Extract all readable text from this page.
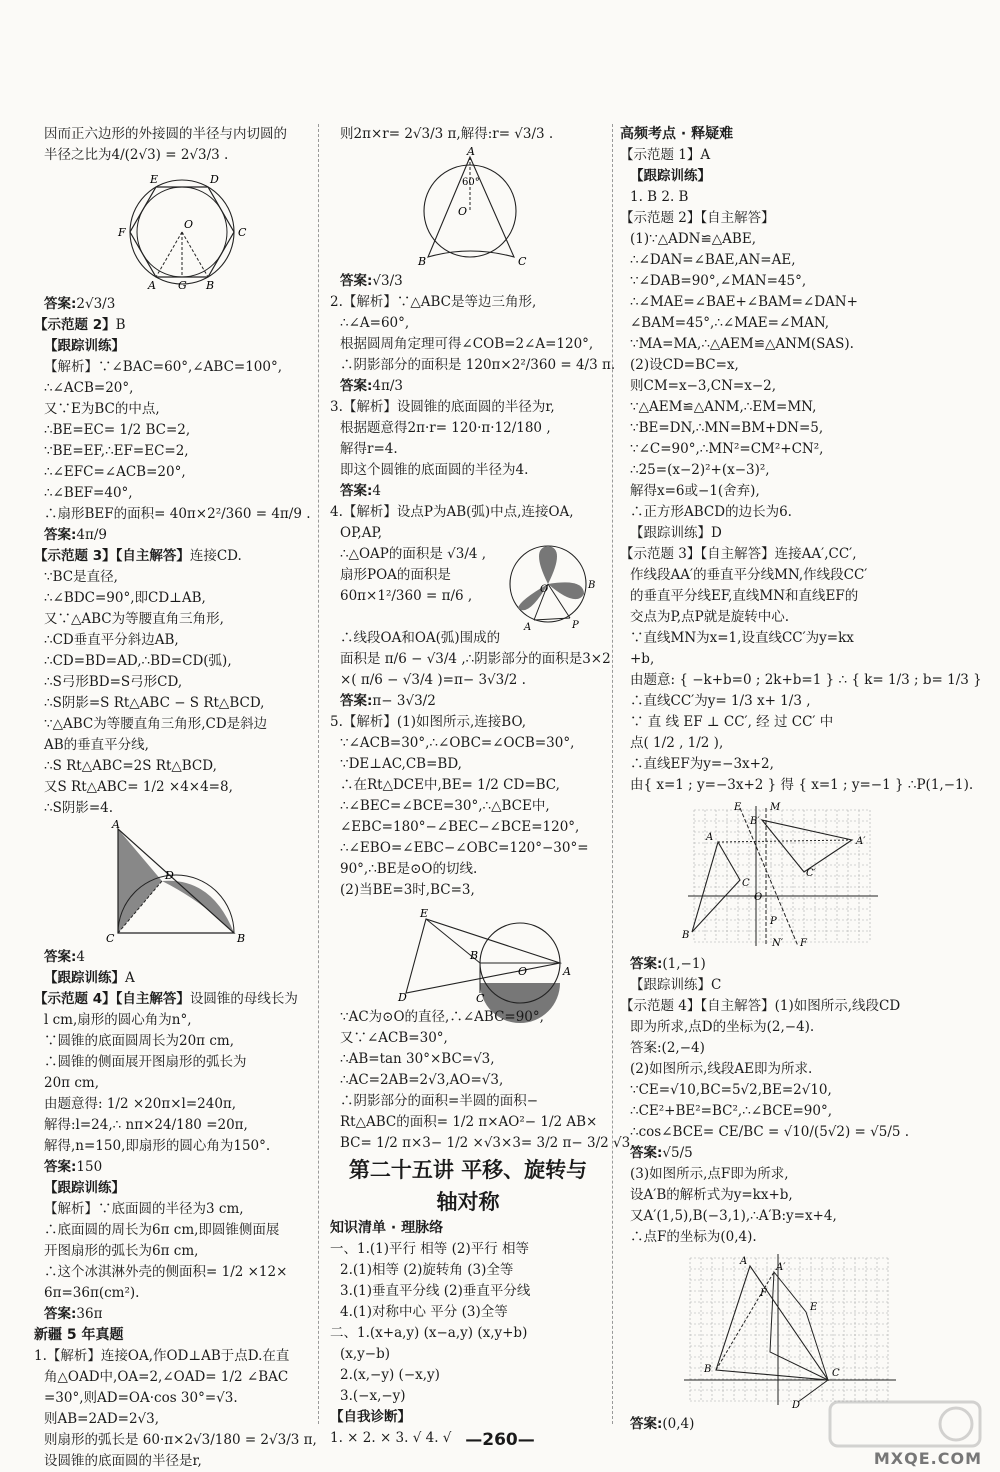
因而正六边形的外接圆的半径与内切圆的
半径之比为4/(2√3) = 2√3/3 .
E	D
F
O
C
A G B
答案:2√3/3
【示范题 2】B
【跟踪训练】
【解析】∵∠BAC=60°,∠ABC=100°,
∴∠ACB=20°,
又∵E为BC的中点,
∴BE=EC= 1/2 BC=2,
∵BE=EF,∴EF=EC=2,
∴∠EFC=∠ACB=20°,
∴∠BEF=40°,
∴扇形BEF的面积= 40π×2²/360 = 4π/9 .
答案:4π/9
【示范题 3】【自主解答】连接CD.
∵BC是直径,
∴∠BDC=90°,即CD⊥AB,
又∵△ABC为等腰直角三角形,
∴CD垂直平分斜边AB,
∴CD=BD=AD,∴BD=CD(弧),
∴S弓形BD=S弓形CD,
∴S阴影=S Rt△ABC − S Rt△BCD,
∵△ABC为等腰直角三角形,CD是斜边
AB的垂直平分线,
∴S Rt△ABC=2S Rt△BCD,
又S Rt△ABC= 1/2 ×4×4=8,
∴S阴影=4.
A
D
C	B
答案:4
【跟踪训练】A
【示范题 4】【自主解答】设圆锥的母线长为
l cm,扇形的圆心角为n°,
∵圆锥的底面圆周长为20π cm,
∴圆锥的侧面展开图扇形的弧长为
20π cm,
由题意得: 1/2 ×20π×l=240π,
解得:l=24,∴ nπ×24/180 =20π,
解得,n=150,即扇形的圆心角为150°.
答案:150
【跟踪训练】
【解析】∵底面圆的半径为3 cm,
∴底面圆的周长为6π cm,即圆锥侧面展
开图扇形的弧长为6π cm,
∴这个冰淇淋外壳的侧面积= 1/2 ×12×
6π=36π(cm²).
答案:36π
新疆 5 年真题
1.【解析】连接OA,作OD⊥AB于点D.在直
角△OAD中,OA=2,∠OAD= 1/2 ∠BAC
=30°,则AD=OA·cos 30°=√3.
则AB=2AD=2√3,
则扇形的弧长是 60·π×2√3/180 = 2√3/3 π,
设圆锥的底面圆的半径是r,
则2π×r= 2√3/3 π,解得:r= √3/3 .
A
60°
O
B	C
答案:√3/3
2.【解析】∵△ABC是等边三角形,
∴∠A=60°,
根据圆周角定理可得∠COB=2∠A=120°,
∴阴影部分的面积是 120π×2²/360 = 4/3 π.
答案:4π/3
3.【解析】设圆锥的底面圆的半径为r,
根据题意得2π·r= 120·π·12/180 ,
解得r=4.
即这个圆锥的底面圆的半径为4.
答案:4
4.【解析】设点P为AB(弧)中点,连接OA,
OP,AP,
∴△OAP的面积是 √3/4 ,
扇形POA的面积是
60π×1²/360 = π/6 ,	O	B
A	P
∴线段OA和OA(弧)围成的
面积是 π/6 − √3/4 ,∴阴影部分的面积是3×2
×( π/6 − √3/4 )=π− 3√3/2 .
答案:π− 3√3/2
5.【解析】(1)如图所示,连接BO,
∵∠ACB=30°,∴∠OBC=∠OCB=30°,
∵DE⊥AC,CB=BD,
∴在Rt△DCE中,BE= 1/2 CD=BC,
∴∠BEC=∠BCE=30°,∴△BCE中,
∠EBC=180°−∠BEC−∠BCE=120°,
∴∠EBO=∠EBC−∠OBC=120°−30°=
90°,∴BE是⊙O的切线.
(2)当BE=3时,BC=3,
E
B
D	C
O	A
∵AC为⊙O的直径,∴∠ABC=90°,
又∵∠ACB=30°,
∴AB=tan 30°×BC=√3,
∴AC=2AB=2√3,AO=√3,
∴阴影部分的面积=半圆的面积−
Rt△ABC的面积= 1/2 π×AO²− 1/2 AB×
BC= 1/2 π×3− 1/2 ×√3×3= 3/2 π− 3/2 √3.
第二十五讲 平移、旋转与
轴对称
知识清单 · 理脉络
一、1.(1)平行 相等 (2)平行 相等
2.(1)相等 (2)旋转角 (3)全等
3.(1)垂直平分线 (2)垂直平分线
4.(1)对称中心 平分 (3)全等
二、1.(x+a,y) (x−a,y) (x,y+b)
(x,y−b)
2.(x,−y) (−x,y)
3.(−x,−y)
【自我诊断】
1. × 2. × 3. √ 4. √
高频考点 · 释疑难
【示范题 1】A
【跟踪训练】
1. B 2. B
【示范题 2】【自主解答】
(1)∵△ADN≌△ABE,
∴∠DAN=∠BAE,AN=AE,
∵∠DAB=90°,∠MAN=45°,
∴∠MAE=∠BAE+∠BAM=∠DAN+
∠BAM=45°,∴∠MAE=∠MAN,
∵MA=MA,∴△AEM≌△ANM(SAS).
(2)设CD=BC=x,
则CM=x−3,CN=x−2,
∵△AEM≌△ANM,∴EM=MN,
∵BE=DN,∴MN=BM+DN=5,
∵∠C=90°,∴MN²=CM²+CN²,
∴25=(x−2)²+(x−3)²,
解得x=6或−1(舍弃),
∴正方形ABCD的边长为6.
【跟踪训练】D
【示范题 3】【自主解答】连接AA′,CC′,
作线段AA′的垂直平分线MN,作线段CC′
的垂直平分线EF,直线MN和直线EF的
交点为P,点P就是旋转中心.
∵直线MN为x=1,设直线CC′为y=kx
+b,
由题意: { −k+b=0 ; 2k+b=1 } ∴ { k= 1/3 ; b= 1/3 }
∴直线CC′为y= 1/3 x+ 1/3 ,
∵ 直 线 EF ⊥ CC′, 经 过 CC′ 中
点( 1/2 , 1/2 ),
∴直线EF为y=−3x+2,
由{ x=1 ; y=−3x+2 } 得 { x=1 ; y=−1 } ∴P(1,−1).
E	M
B′
A′
A
C′
C
O
P
B
N′ F
答案:(1,−1)
【跟踪训练】C
【示范题 4】【自主解答】(1)如图所示,线段CD
即为所求,点D的坐标为(2,−4).
答案:(2,−4)
(2)如图所示,线段AE即为所求.
∵CE=√10,BC=5√2,BE=2√10,
∴CE²+BE²=BC²,∴∠BCE=90°,
∴cos∠BCE= CE/BC = √10/(5√2) = √5/5 .
答案:√5/5
(3)如图所示,点F即为所求,
设A′B的解析式为y=kx+b,
又A′(1,5),B(−3,1),∴A′B:y=x+4,
∴点F的坐标为(0,4).
A′
A
F
E
B	C
D
答案:(0,4)
—260—
MXQE.COM
